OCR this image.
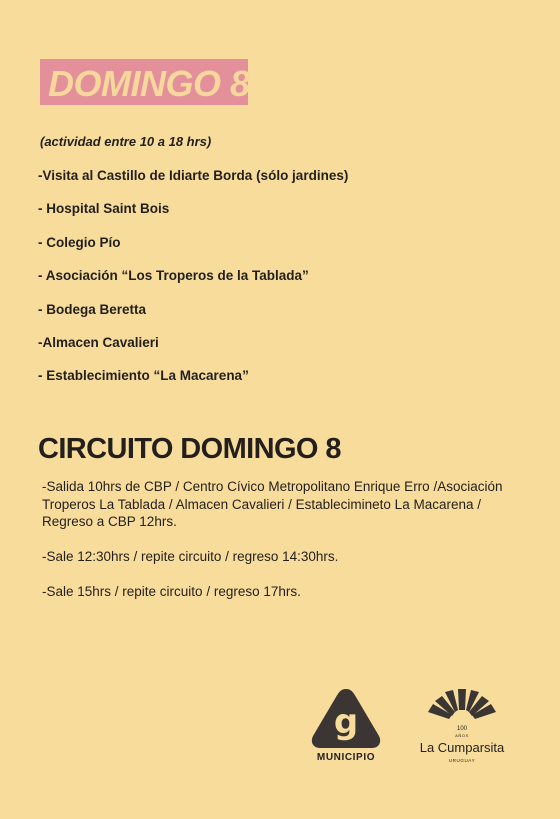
DOMINGO 8
(actividad entre 10 a 18 hrs)
-Visita al Castillo de Idiarte Borda (sólo jardines)
- Hospital Saint Bois
- Colegio Pío
- Asociación “Los Troperos de la Tablada”
- Bodega Beretta
-Almacen Cavalieri
- Establecimiento “La Macarena”
CIRCUITO DOMINGO 8

-Salida 10hrs de CBP / Centro Cívico Metropolitano Enrique Erro /Asociación Troperos La Tablada / Almacen Cavalieri / Establecimineto La Macarena / Regreso a CBP 12hrs.

-Sale 12:30hrs / repite circuito / regreso 14:30hrs.

-Sale 15hrs / repite circuito / regreso 17hrs.

g
MUNICIPIO
100
AÑOS
La Cumparsita
URUGUAY
